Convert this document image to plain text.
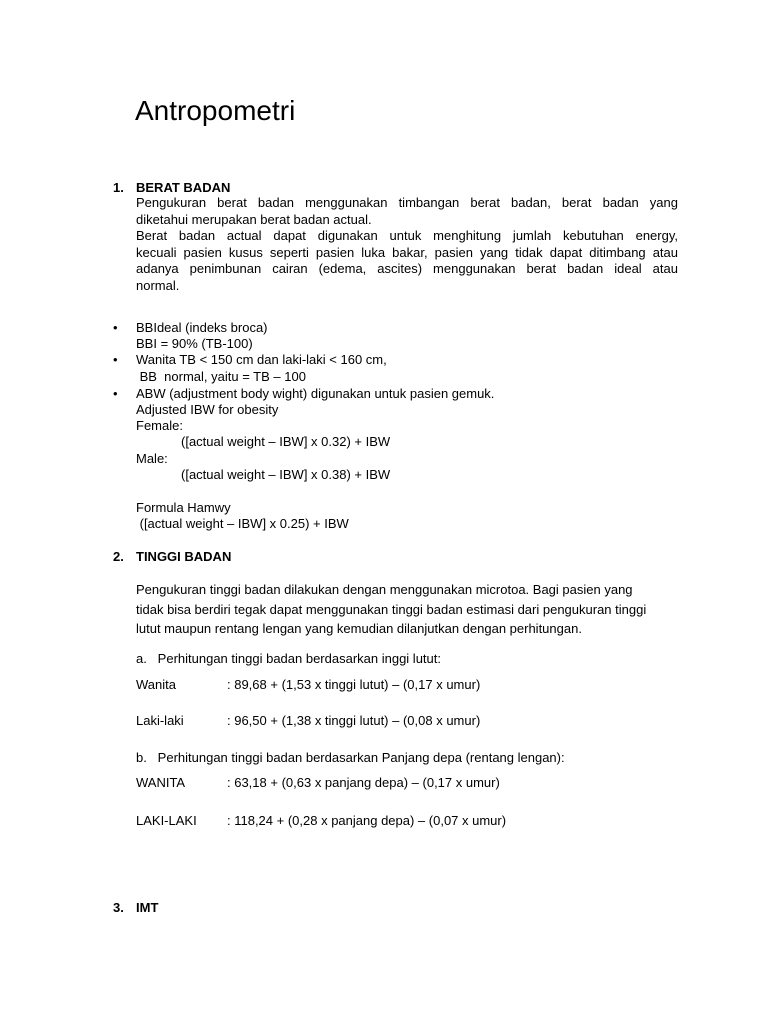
Antropometri
1. BERAT BADAN
Pengukuran berat badan menggunakan timbangan berat badan, berat badan yang
diketahui merupakan berat badan actual.
Berat badan actual dapat digunakan untuk menghitung jumlah kebutuhan energy,
kecuali pasien kusus seperti pasien luka bakar, pasien yang tidak dapat ditimbang atau
adanya penimbunan cairan (edema, ascites) menggunakan berat badan ideal atau
normal.
• BBIdeal (indeks broca)
BBI = 90% (TB-100)
• Wanita TB < 150 cm dan laki-laki < 160 cm,
BB  normal, yaitu = TB – 100
• ABW (adjustment body wight) digunakan untuk pasien gemuk.
Adjusted IBW for obesity
Female:
([actual weight – IBW] x 0.32) + IBW
Male:
([actual weight – IBW] x 0.38) + IBW
Formula Hamwy
([actual weight – IBW] x 0.25) + IBW
2. TINGGI BADAN
Pengukuran tinggi badan dilakukan dengan menggunakan microtoa. Bagi pasien yang
tidak bisa berdiri tegak dapat menggunakan tinggi badan estimasi dari pengukuran tinggi
lutut maupun rentang lengan yang kemudian dilanjutkan dengan perhitungan.
a.   Perhitungan tinggi badan berdasarkan inggi lutut:
Wanita	: 89,68 + (1,53 x tinggi lutut) – (0,17 x umur)
Laki-laki	: 96,50 + (1,38 x tinggi lutut) – (0,08 x umur)
b.   Perhitungan tinggi badan berdasarkan Panjang depa (rentang lengan):
WANITA	: 63,18 + (0,63 x panjang depa) – (0,17 x umur)
LAKI-LAKI : 118,24 + (0,28 x panjang depa) – (0,07 x umur)
3. IMT
